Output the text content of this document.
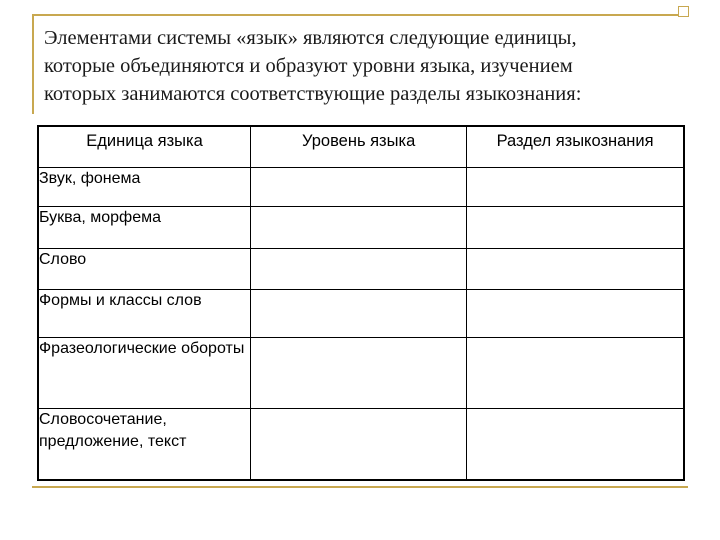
Элементами системы «язык» являются следующие единицы,
которые объединяются и образуют уровни языка, изучением
которых занимаются соответствующие разделы языкознания:
Единица языка	Уровень языка	Раздел языкознания
Звук, фонема		
Буква, морфема		
Слово		
Формы и классы слов		
Фразеологические обороты		
Словосочетание, предложение, текст		
